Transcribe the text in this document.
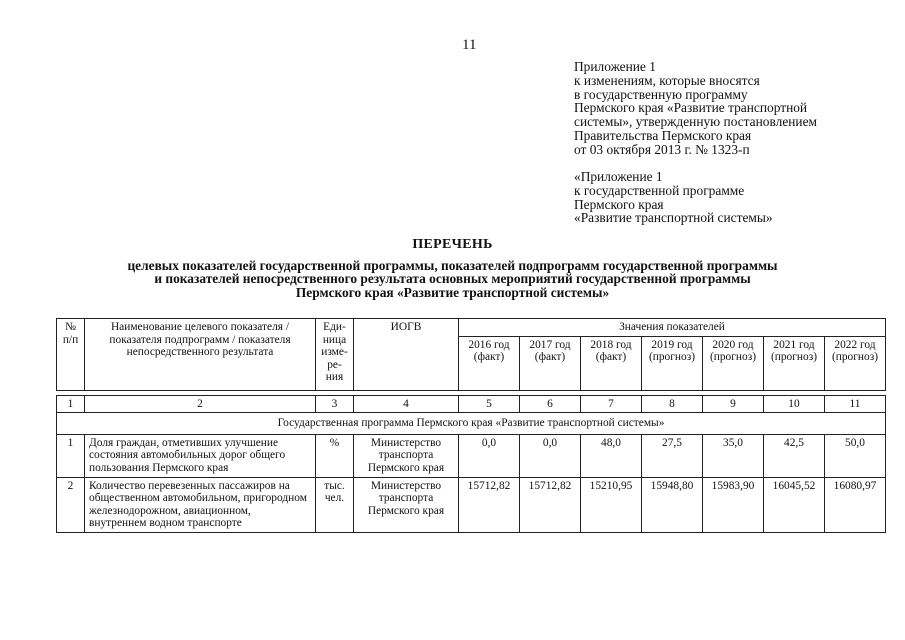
11
Приложение 1
к изменениям, которые вносятся
в государственную программу
Пермского края «Развитие транспортной
системы», утвержденную постановлением
Правительства Пермского края
от 03 октября 2013 г. № 1323-п
«Приложение 1
к государственной программе
Пермского края
«Развитие транспортной системы»
ПЕРЕЧЕНЬ
целевых показателей государственной программы, показателей подпрограмм государственной программы
и показателей непосредственного результата основных мероприятий государственной программы
Пермского края «Развитие транспортной системы»
№ п/п	Наименование целевого показателя / показателя подпрограмм / показателя непосредственного результата	Еди- ница изме- ре- ния	ИОГВ	Значения показателей						
				2016 год (факт)	2017 год (факт)	2018 год (факт)	2019 год (прогноз)	2020 год (прогноз)	2021 год (прогноз)	2022 год (прогноз)

1	2	3	4	5	6	7	8	9	10	11
Государственная программа Пермского края «Развитие транспортной системы»										
1	Доля граждан, отметивших улучшение состояния автомобильных дорог общего пользования Пермского края	%	Министерство транспорта Пермского края	0,0	0,0	48,0	27,5	35,0	42,5	50,0
2	Количество перевезенных пассажиров на общественном автомобильном, пригородном железнодорожном, авиационном, внутреннем водном транспорте	тыс. чел.	Министерство транспорта Пермского края	15712,82	15712,82	15210,95	15948,80	15983,90	16045,52	16080,97
